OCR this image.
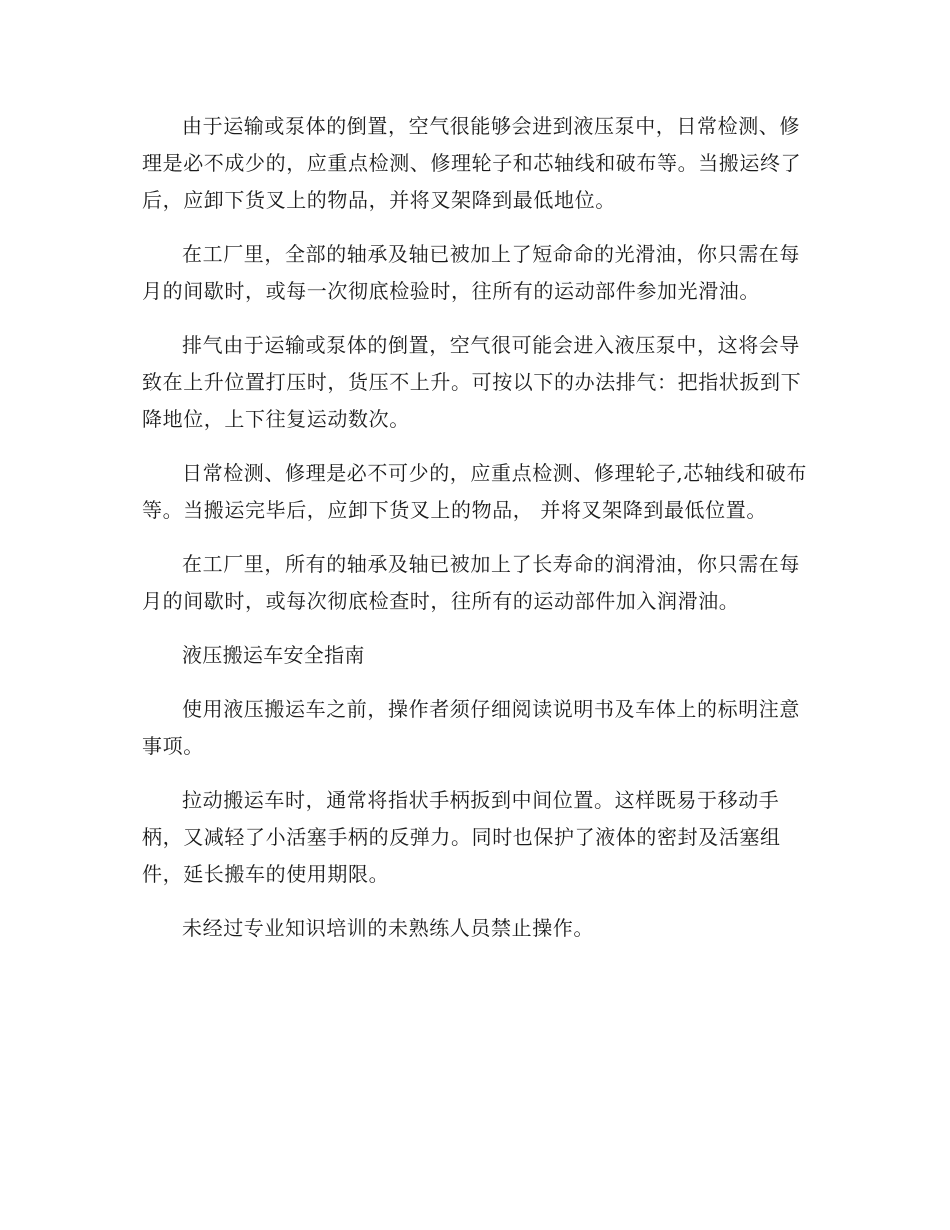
由于运输或泵体的倒置，空气很能够会进到液压泵中，日常检测、修理是必不成少的，应重点检测、修理轮子和芯轴线和破布等。当搬运终了后，应卸下货叉上的物品，并将叉架降到最低地位。

在工厂里，全部的轴承及轴已被加上了短命命的光滑油，你只需在每月的间歇时，或每一次彻底检验时，往所有的运动部件参加光滑油。

排气由于运输或泵体的倒置，空气很可能会进入液压泵中，这将会导致在上升位置打压时，货压不上升。可按以下的办法排气：把指状扳到下降地位，上下往复运动数次。

日常检测、修理是必不可少的，应重点检测、修理轮子,芯轴线和破布等。当搬运完毕后，应卸下货叉上的物品， 并将叉架降到最低位置。

在工厂里，所有的轴承及轴已被加上了长寿命的润滑油，你只需在每月的间歇时，或每次彻底检查时，往所有的运动部件加入润滑油。

液压搬运车安全指南

使用液压搬运车之前，操作者须仔细阅读说明书及车体上的标明注意事项。

拉动搬运车时，通常将指状手柄扳到中间位置。这样既易于移动手柄，又减轻了小活塞手柄的反弹力。同时也保护了液体的密封及活塞组件，延长搬车的使用期限。

未经过专业知识培训的未熟练人员禁止操作。
